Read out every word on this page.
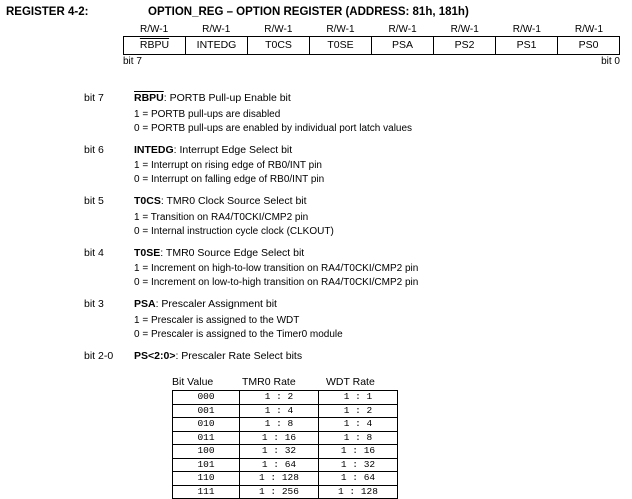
REGISTER 4-2:	OPTION_REG – OPTION REGISTER (ADDRESS: 81h, 181h)
R/W-1	R/W-1	R/W-1	R/W-1	R/W-1	R/W-1	R/W-1	R/W-1
RBPU	INTEDG	T0CS	T0SE	PSA	PS2	PS1	PS0
bit 7	bit 0
bit 7	RBPU: PORTB Pull-up Enable bit
1 = PORTB pull-ups are disabled
0 = PORTB pull-ups are enabled by individual port latch values
bit 6	INTEDG: Interrupt Edge Select bit
1 = Interrupt on rising edge of RB0/INT pin
0 = Interrupt on falling edge of RB0/INT pin
bit 5	T0CS: TMR0 Clock Source Select bit
1 = Transition on RA4/T0CKI/CMP2 pin
0 = Internal instruction cycle clock (CLKOUT)
bit 4	T0SE: TMR0 Source Edge Select bit
1 = Increment on high-to-low transition on RA4/T0CKI/CMP2 pin
0 = Increment on low-to-high transition on RA4/T0CKI/CMP2 pin
bit 3	PSA: Prescaler Assignment bit
1 = Prescaler is assigned to the WDT
0 = Prescaler is assigned to the Timer0 module
bit 2-0	PS<2:0>: Prescaler Rate Select bits
Bit Value	TMR0 Rate	WDT Rate
000	1 : 2	1 : 1
001	1 : 4	1 : 2
010	1 : 8	1 : 4
011	1 : 16	1 : 8
100	1 : 32	1 : 16
101	1 : 64	1 : 32
110	1 : 128	1 : 64
111	1 : 256	1 : 128
